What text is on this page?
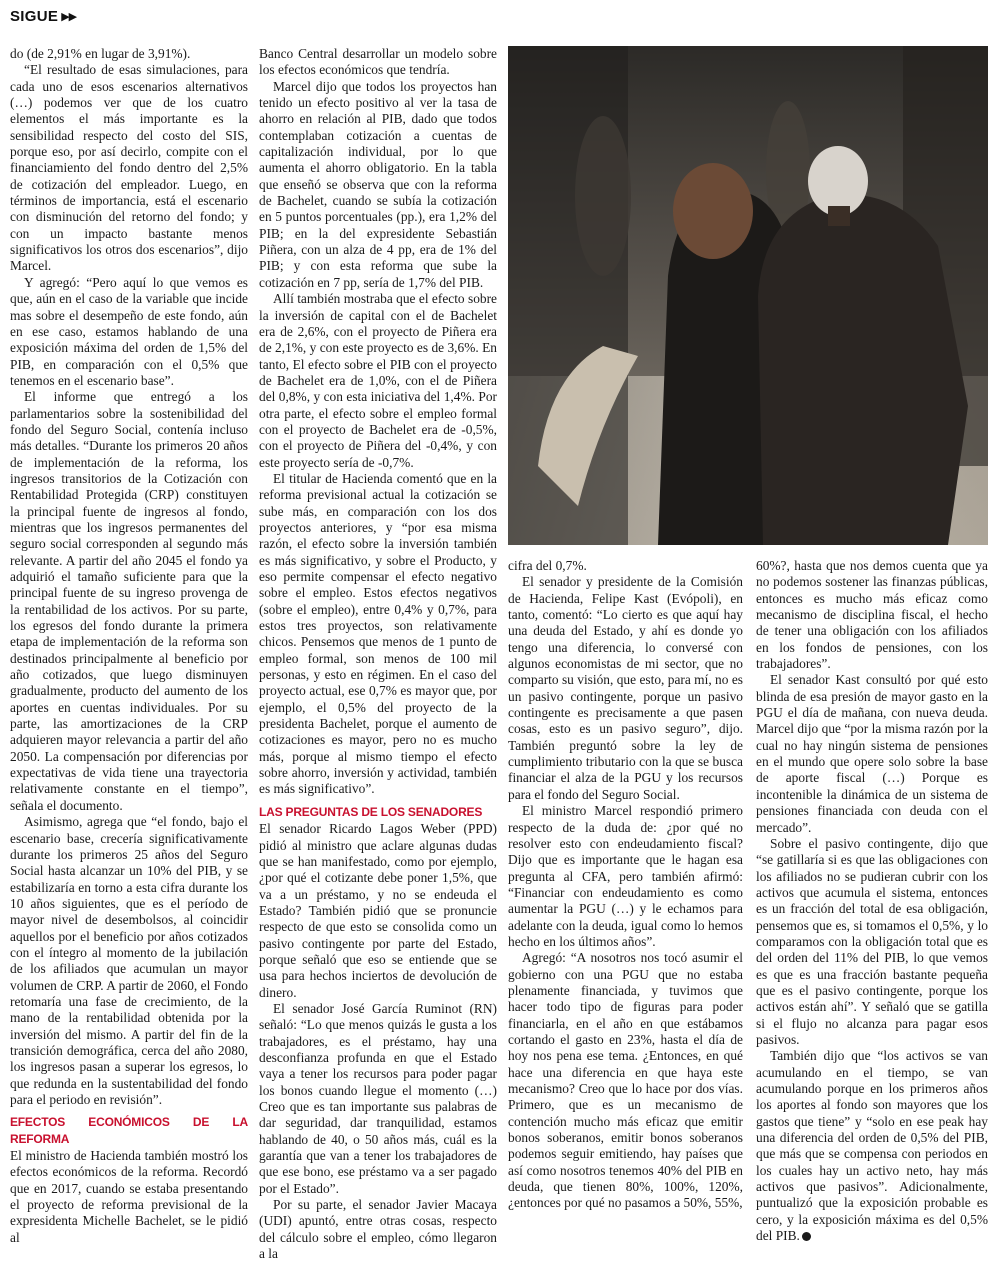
SIGUE ▶▶

do (de 2,91% en lugar de 3,91%).

“El resultado de esas simulaciones, para cada uno de esos escenarios alternativos (…) podemos ver que de los cuatro elementos el más importante es la sensibilidad respecto del costo del SIS, porque eso, por así decirlo, compite con el financiamiento del fondo dentro del 2,5% de cotización del empleador. Luego, en términos de importancia, está el escenario con disminución del retorno del fondo; y con un impacto bastante menos significativos los otros dos escenarios”, dijo Marcel.

Y agregó: “Pero aquí lo que vemos es que, aún en el caso de la variable que incide mas sobre el desempeño de este fondo, aún en ese caso, estamos hablando de una exposición máxima del orden de 1,5% del PIB, en comparación con el 0,5% que tenemos en el escenario base”.

El informe que entregó a los parlamentarios sobre la sostenibilidad del fondo del Seguro Social, contenía incluso más detalles. “Durante los primeros 20 años de implementación de la reforma, los ingresos transitorios de la Cotización con Rentabilidad Protegida (CRP) constituyen la principal fuente de ingresos al fondo, mientras que los ingresos permanentes del seguro social corresponden al segundo más relevante. A partir del año 2045 el fondo ya adquirió el tamaño suficiente para que la principal fuente de su ingreso provenga de la rentabilidad de los activos. Por su parte, los egresos del fondo durante la primera etapa de implementación de la reforma son destinados principalmente al beneficio por año cotizados, que luego disminuyen gradualmente, producto del aumento de los aportes en cuentas individuales. Por su parte, las amortizaciones de la CRP adquieren mayor relevancia a partir del año 2050. La compensación por diferencias por expectativas de vida tiene una trayectoria relativamente constante en el tiempo”, señala el documento.

Asimismo, agrega que “el fondo, bajo el escenario base, crecería significativamente durante los primeros 25 años del Seguro Social hasta alcanzar un 10% del PIB, y se estabilizaría en torno a esta cifra durante los 10 años siguientes, que es el período de mayor nivel de desembolsos, al coincidir aquellos por el beneficio por años cotizados con el íntegro al momento de la jubilación de los afiliados que acumulan un mayor volumen de CRP. A partir de 2060, el Fondo retomaría una fase de crecimiento, de la mano de la rentabilidad obtenida por la inversión del mismo. A partir del fin de la transición demográfica, cerca del año 2080, los ingresos pasan a superar los egresos, lo que redunda en la sustentabilidad del fondo para el periodo en revisión”.

EFECTOS ECONÓMICOS DE LA REFORMA

El ministro de Hacienda también mostró los efectos económicos de la reforma. Recordó que en 2017, cuando se estaba presentando el proyecto de reforma previsional de la expresidenta Michelle Bachelet, se le pidió al

Banco Central desarrollar un modelo sobre los efectos económicos que tendría.

Marcel dijo que todos los proyectos han tenido un efecto positivo al ver la tasa de ahorro en relación al PIB, dado que todos contemplaban cotización a cuentas de capitalización individual, por lo que aumenta el ahorro obligatorio. En la tabla que enseñó se observa que con la reforma de Bachelet, cuando se subía la cotización en 5 puntos porcentuales (pp.), era 1,2% del PIB; en la del expresidente Sebastián Piñera, con un alza de 4 pp, era de 1% del PIB; y con esta reforma que sube la cotización en 7 pp, sería de 1,7% del PIB.

Allí también mostraba que el efecto sobre la inversión de capital con el de Bachelet era de 2,6%, con el proyecto de Piñera era de 2,1%, y con este proyecto es de 3,6%. En tanto, El efecto sobre el PIB con el proyecto de Bachelet era de 1,0%, con el de Piñera del 0,8%, y con esta iniciativa del 1,4%. Por otra parte, el efecto sobre el empleo formal con el proyecto de Bachelet era de -0,5%, con el proyecto de Piñera del -0,4%, y con este proyecto sería de -0,7%.

El titular de Hacienda comentó que en la reforma previsional actual la cotización se sube más, en comparación con los dos proyectos anteriores, y “por esa misma razón, el efecto sobre la inversión también es más significativo, y sobre el Producto, y eso permite compensar el efecto negativo sobre el empleo. Estos efectos negativos (sobre el empleo), entre 0,4% y 0,7%, para estos tres proyectos, son relativamente chicos. Pensemos que menos de 1 punto de empleo formal, son menos de 100 mil personas, y esto en régimen. En el caso del proyecto actual, ese 0,7% es mayor que, por ejemplo, el 0,5% del proyecto de la presidenta Bachelet, porque el aumento de cotizaciones es mayor, pero no es mucho más, porque al mismo tiempo el efecto sobre ahorro, inversión y actividad, también es más significativo”.

LAS PREGUNTAS DE LOS SENADORES

El senador Ricardo Lagos Weber (PPD) pidió al ministro que aclare algunas dudas que se han manifestado, como por ejemplo, ¿por qué el cotizante debe poner 1,5%, que va a un préstamo, y no se endeuda el Estado? También pidió que se pronuncie respecto de que esto se consolida como un pasivo contingente por parte del Estado, porque señaló que eso se entiende que se usa para hechos inciertos de devolución de dinero.

El senador José García Ruminot (RN) señaló: “Lo que menos quizás le gusta a los trabajadores, es el préstamo, hay una desconfianza profunda en que el Estado vaya a tener los recursos para poder pagar los bonos cuando llegue el momento (…) Creo que es tan importante sus palabras de dar seguridad, dar tranquilidad, estamos hablando de 40, o 50 años más, cuál es la garantía que van a tener los trabajadores de que ese bono, ese préstamo va a ser pagado por el Estado”.

Por su parte, el senador Javier Macaya (UDI) apuntó, entre otras cosas, respecto del cálculo sobre el empleo, cómo llegaron a la

cifra del 0,7%.

El senador y presidente de la Comisión de Hacienda, Felipe Kast (Evópoli), en tanto, comentó: “Lo cierto es que aquí hay una deuda del Estado, y ahí es donde yo tengo una diferencia, lo conversé con algunos economistas de mi sector, que no comparto su visión, que esto, para mí, no es un pasivo contingente, porque un pasivo contingente es precisamente a que pasen cosas, esto es un pasivo seguro”, dijo. También preguntó sobre la ley de cumplimiento tributario con la que se busca financiar el alza de la PGU y los recursos para el fondo del Seguro Social.

El ministro Marcel respondió primero respecto de la duda de: ¿por qué no resolver esto con endeudamiento fiscal? Dijo que es importante que le hagan esa pregunta al CFA, pero también afirmó: “Financiar con endeudamiento es como aumentar la PGU (…) y le echamos para adelante con la deuda, igual como lo hemos hecho en los últimos años”.

Agregó: “A nosotros nos tocó asumir el gobierno con una PGU que no estaba plenamente financiada, y tuvimos que hacer todo tipo de figuras para poder financiarla, en el año en que estábamos cortando el gasto en 23%, hasta el día de hoy nos pena ese tema. ¿Entonces, en qué hace una diferencia en que haya este mecanismo? Creo que lo hace por dos vías. Primero, que es un mecanismo de contención mucho más eficaz que emitir bonos soberanos, emitir bonos soberanos podemos seguir emitiendo, hay países que así como nosotros tenemos 40% del PIB en deuda, que tienen 80%, 100%, 120%, ¿entonces por qué no pasamos a 50%, 55%,

60%?, hasta que nos demos cuenta que ya no podemos sostener las finanzas públicas, entonces es mucho más eficaz como mecanismo de disciplina fiscal, el hecho de tener una obligación con los afiliados en los fondos de pensiones, con los trabajadores”.

El senador Kast consultó por qué esto blinda de esa presión de mayor gasto en la PGU el día de mañana, con nueva deuda. Marcel dijo que “por la misma razón por la cual no hay ningún sistema de pensiones en el mundo que opere solo sobre la base de aporte fiscal (…) Porque es incontenible la dinámica de un sistema de pensiones financiada con deuda con el mercado”.

Sobre el pasivo contingente, dijo que “se gatillaría si es que las obligaciones con los afiliados no se pudieran cubrir con los activos que acumula el sistema, entonces es un fracción del total de esa obligación, pensemos que es, si tomamos el 0,5%, y lo comparamos con la obligación total que es del orden del 11% del PIB, lo que vemos es que es una fracción bastante pequeña que es el pasivo contingente, porque los activos están ahí”. Y señaló que se gatilla si el flujo no alcanza para pagar esos pasivos.

También dijo que “los activos se van acumulando en el tiempo, se van acumulando porque en los primeros años los aportes al fondo son mayores que los gastos que tiene” y “solo en ese peak hay una diferencia del orden de 0,5% del PIB, que más que se compensa con periodos en los cuales hay un activo neto, hay más activos que pasivos”. Adicionalmente, puntualizó que la exposición probable es cero, y la exposición máxima es del 0,5% del PIB.
